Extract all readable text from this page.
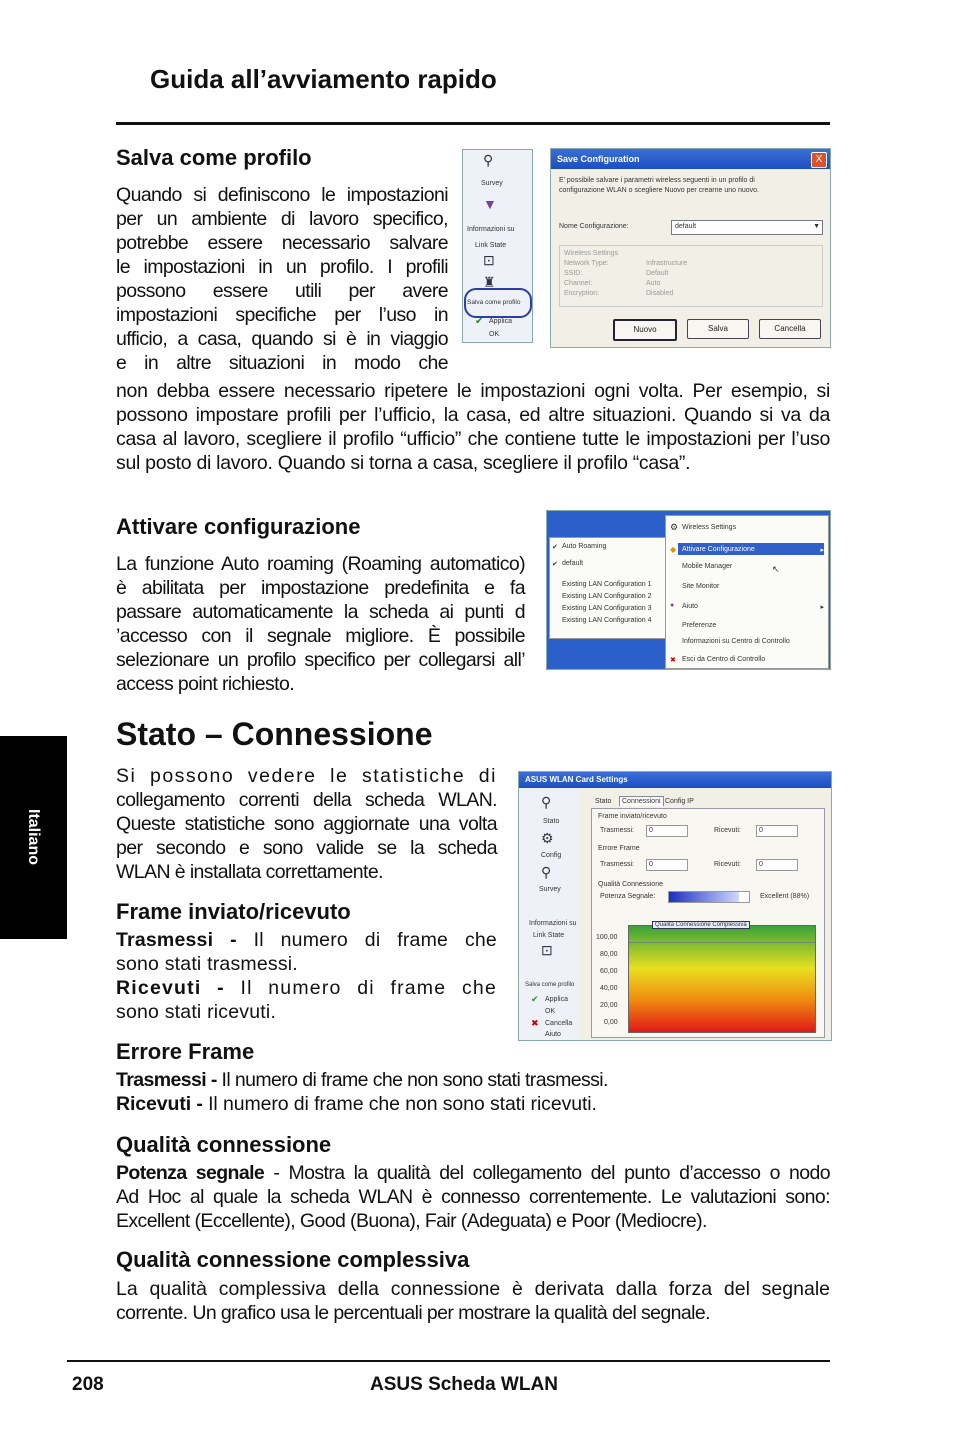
Guida all’avviamento rapido
Salva come profilo

Quando si definiscono le impostazioni

per un ambiente di lavoro specifico,

potrebbe essere necessario salvare

le impostazioni in un profilo. I profili

possono essere utili per avere

impostazioni specifiche per l’uso in

ufficio, a casa, quando si è in viaggio

e in altre situazioni in modo che

non debba essere necessario ripetere le impostazioni ogni volta. Per esempio, si

possono impostare profili per l’ufficio, la casa, ed altre situazioni. Quando si va da

casa al lavoro, scegliere il profilo “ufficio” che contiene tutte le impostazioni per l’uso

sul posto di lavoro. Quando si torna a casa, scegliere il profilo “casa”.

⚲
Survey
▼
Informazioni su
Link State
⊡
♜
Salva come profilo
✔ Applica
OK
Save Configuration	X
E’ possibile salvare i parametri wireless seguenti in un profilo di
configurazione WLAN o scegliere Nuovo per crearne uno nuovo.
Nome Configurazione:	default	▼
Wireless Settings
Network Type:	Infrastructure
SSID:	Default
Channel:	Auto
Encryption:	Disabled
Nuovo	Salva	Cancella
Attivare configurazione

La funzione Auto roaming (Roaming automatico)

è abilitata per impostazione predefinita e fa

passare automaticamente la scheda ai punti d

’accesso con il segnale migliore. È possibile

selezionare un profilo specifico per collegarsi all’

access point richiesto.

✔ Auto Roaming
✔ default
Existing LAN Configuration 1
Existing LAN Configuration 2
Existing LAN Configuration 3
Existing LAN Configuration 4
⚙ Wireless Settings
◆ Attivare Configurazione	▸
Mobile Manager	↖
Site Monitor
● Aiuto	▸
Preferenze
Informazioni su Centro di Controllo
✖ Esci da Centro di Controllo
Stato – Connessione

Si possono vedere le statistiche di

collegamento correnti della scheda WLAN.

Queste statistiche sono aggiornate una volta

per secondo e sono valide se la scheda

WLAN è installata correttamente.

Frame inviato/ricevuto

Trasmessi - Il numero di frame che

sono stati trasmessi.

Ricevuti - Il numero di frame che

sono stati ricevuti.

ASUS WLAN Card Settings
⚲
Stato
⚙
Config
⚲
Survey
Informazioni su
Link State
⊡
Salva come profilo
✔ Applica
OK
✖ Cancella
Aiuto
Stato	Connessioni Config IP
Frame inviato/ricevuto
Trasmessi: 0	Ricevuti:	0
Errore Frame
Trasmessi: 0	Ricevuti:	0
Qualità Connessione
Potenza Segnale:	Excellent (88%)
100,00
80,00
60,00
40,00
20,00
0,00
Qualità Connessione Complessiva
Errore Frame

Trasmessi - Il numero di frame che non sono stati trasmessi.

Ricevuti - Il numero di frame che non sono stati ricevuti.

Qualità connessione

Potenza segnale - Mostra la qualità del collegamento del punto d’accesso o nodo

Ad Hoc al quale la scheda WLAN è connesso correntemente. Le valutazioni sono:

Excellent (Eccellente), Good (Buona), Fair (Adeguata) e Poor (Mediocre).

Qualità connessione complessiva

La qualità complessiva della connessione è derivata dalla forza del segnale

corrente. Un grafico usa le percentuali per mostrare la qualità del segnale.

Italiano
208	ASUS Scheda WLAN
